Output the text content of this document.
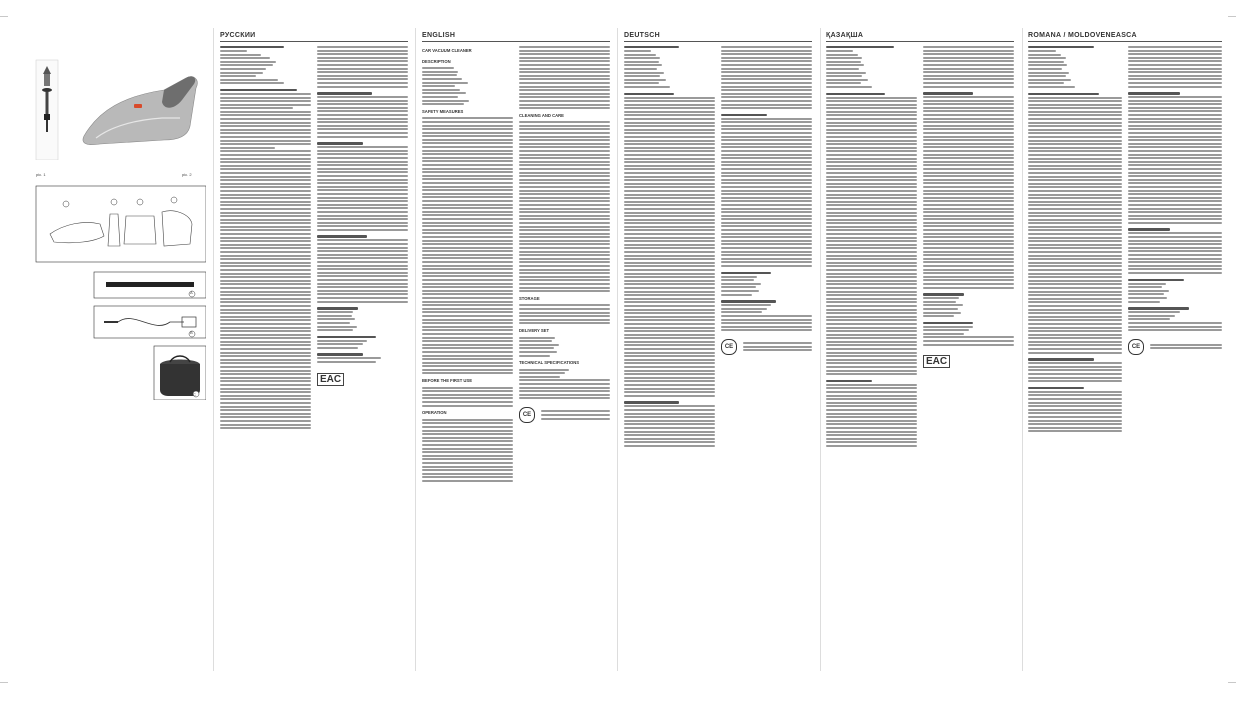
pic. 1	pic. 2
A
B
C
РУССКИЙ
EAC
ENGLISH
CAR VACUUM CLEANER
DESCRIPTION
SAFETY MEASURES
BEFORE THE FIRST USE
OPERATION
CLEANING AND CARE
STORAGE
DELIVERY SET
TECHNICAL SPECIFICATIONS
CE
DEUTSCH
CE
ҚАЗАҚША
EAC
ROMÂNĂ / MOLDOVENEASCĂ
CE
